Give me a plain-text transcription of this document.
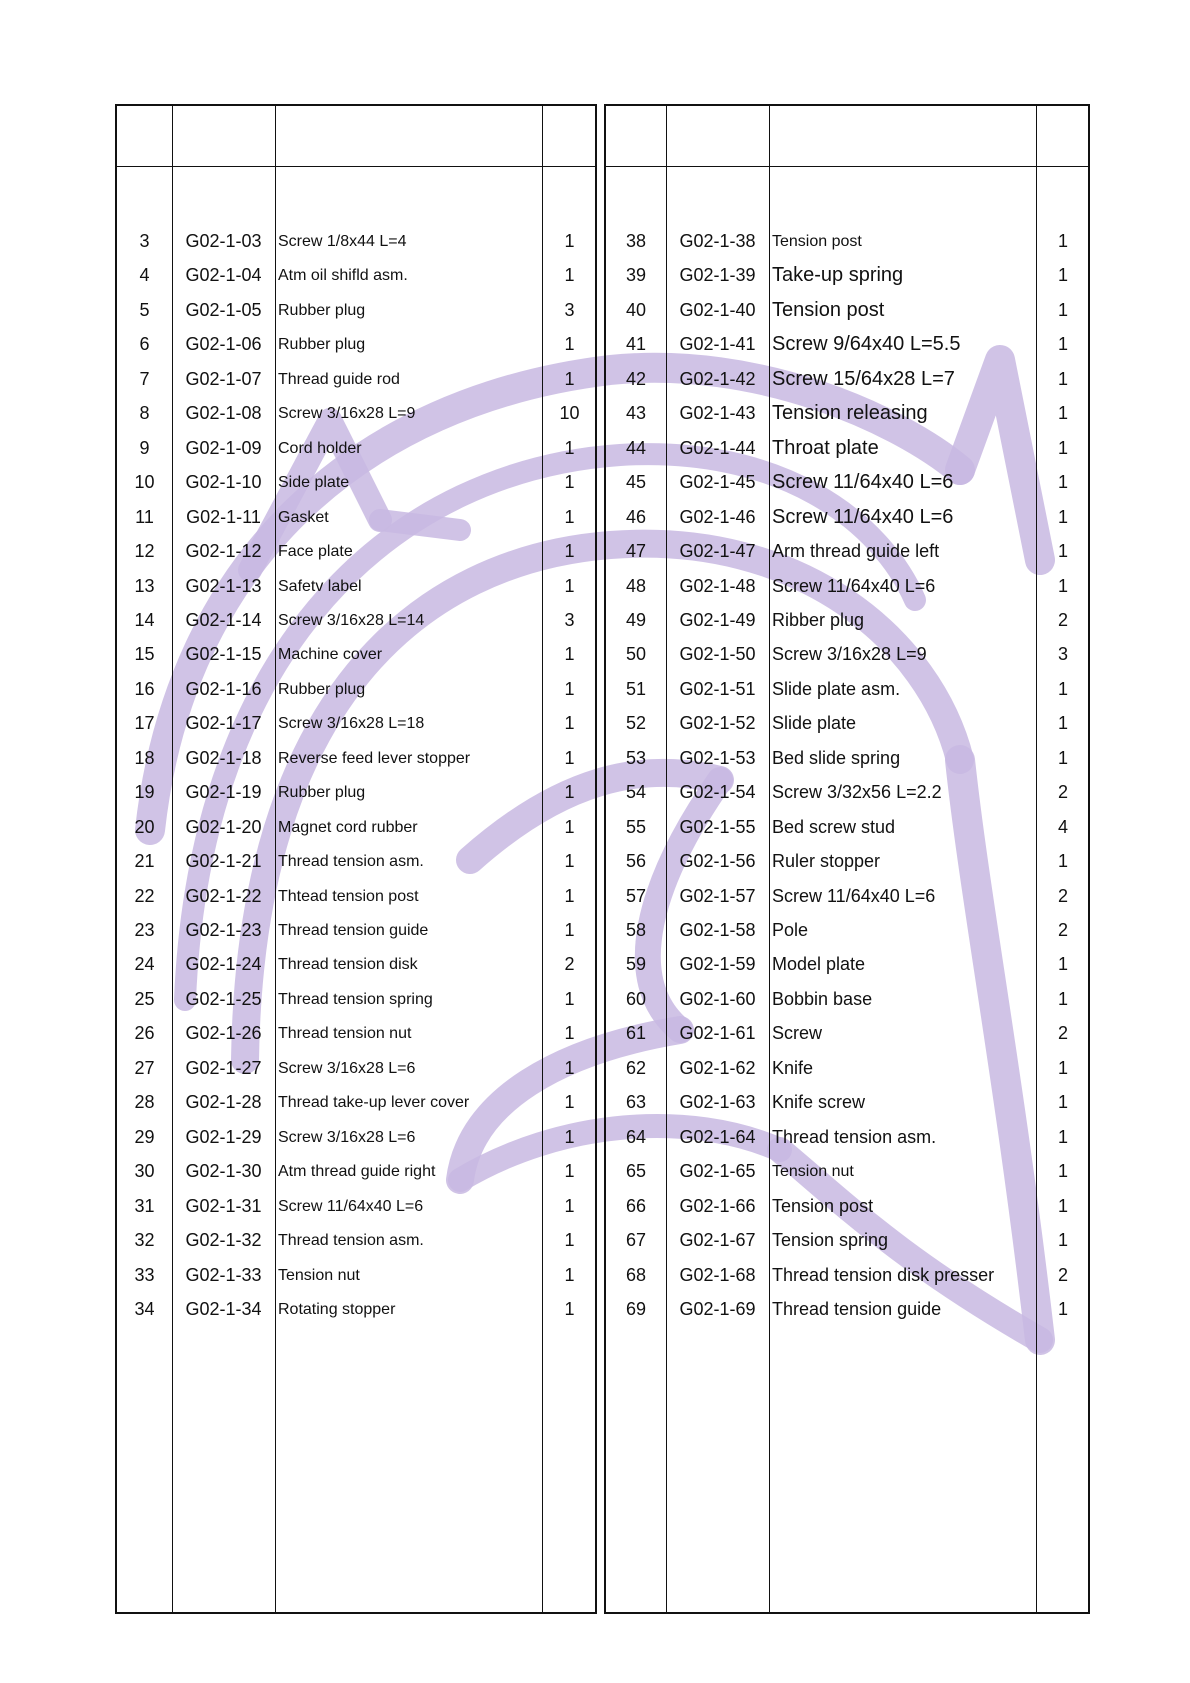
3	G02-1-03	Screw 1/8x44 L=4	1
4	G02-1-04	Atm oil shifld asm.	1
5	G02-1-05	Rubber plug	3
6	G02-1-06	Rubber plug	1
7	G02-1-07	Thread guide rod	1
8	G02-1-08	Screw 3/16x28 L=9	10
9	G02-1-09	Cord holder	1
10	G02-1-10	Side plate	1
11	G02-1-11	Gasket	1
12	G02-1-12	Face plate	1
13	G02-1-13	Safetv label	1
14	G02-1-14	Screw 3/16x28 L=14	3
15	G02-1-15	Machine cover	1
16	G02-1-16	Rubber plug	1
17	G02-1-17	Screw 3/16x28 L=18	1
18	G02-1-18	Reverse feed lever stopper	1
19	G02-1-19	Rubber plug	1
20	G02-1-20	Magnet cord rubber	1
21	G02-1-21	Thread tension asm.	1
22	G02-1-22	Thtead tension post	1
23	G02-1-23	Thread tension guide	1
24	G02-1-24	Thread tension disk	2
25	G02-1-25	Thread tension spring	1
26	G02-1-26	Thread tension nut	1
27	G02-1-27	Screw 3/16x28 L=6	1
28	G02-1-28	Thread take-up lever cover	1
29	G02-1-29	Screw 3/16x28 L=6	1
30	G02-1-30	Atm thread guide right	1
31	G02-1-31	Screw 11/64x40 L=6	1
32	G02-1-32	Thread tension asm.	1
33	G02-1-33	Tension nut	1
34	G02-1-34	Rotating stopper	1
38	G02-1-38	Tension post	1
39	G02-1-39 Take-up spring	1
40	G02-1-40 Tension post	1
41	G02-1-41 Screw 9/64x40 L=5.5	1
42	G02-1-42 Screw 15/64x28 L=7	1
43	G02-1-43 Tension releasing	1
44	G02-1-44 Throat plate	1
45	G02-1-45 Screw 11/64x40 L=6	1
46	G02-1-46 Screw 11/64x40 L=6	1
47	G02-1-47 Arm thread guide left	1
48	G02-1-48 Screw 11/64x40 L=6	1
49	G02-1-49 Ribber plug	2
50	G02-1-50 Screw 3/16x28 L=9	3
51	G02-1-51 Slide plate asm.	1
52	G02-1-52 Slide plate	1
53	G02-1-53 Bed slide spring	1
54	G02-1-54 Screw 3/32x56 L=2.2	2
55	G02-1-55 Bed screw stud	4
56	G02-1-56 Ruler stopper	1
57	G02-1-57 Screw 11/64x40 L=6	2
58	G02-1-58 Pole	2
59	G02-1-59 Model plate	1
60	G02-1-60 Bobbin base	1
61	G02-1-61 Screw	2
62	G02-1-62 Knife	1
63	G02-1-63 Knife screw	1
64	G02-1-64 Thread tension asm.	1
65	G02-1-65	Tension nut	1
66	G02-1-66 Tension post	1
67	G02-1-67 Tension spring	1
68	G02-1-68 Thread tension disk presser	2
69	G02-1-69 Thread tension guide	1
